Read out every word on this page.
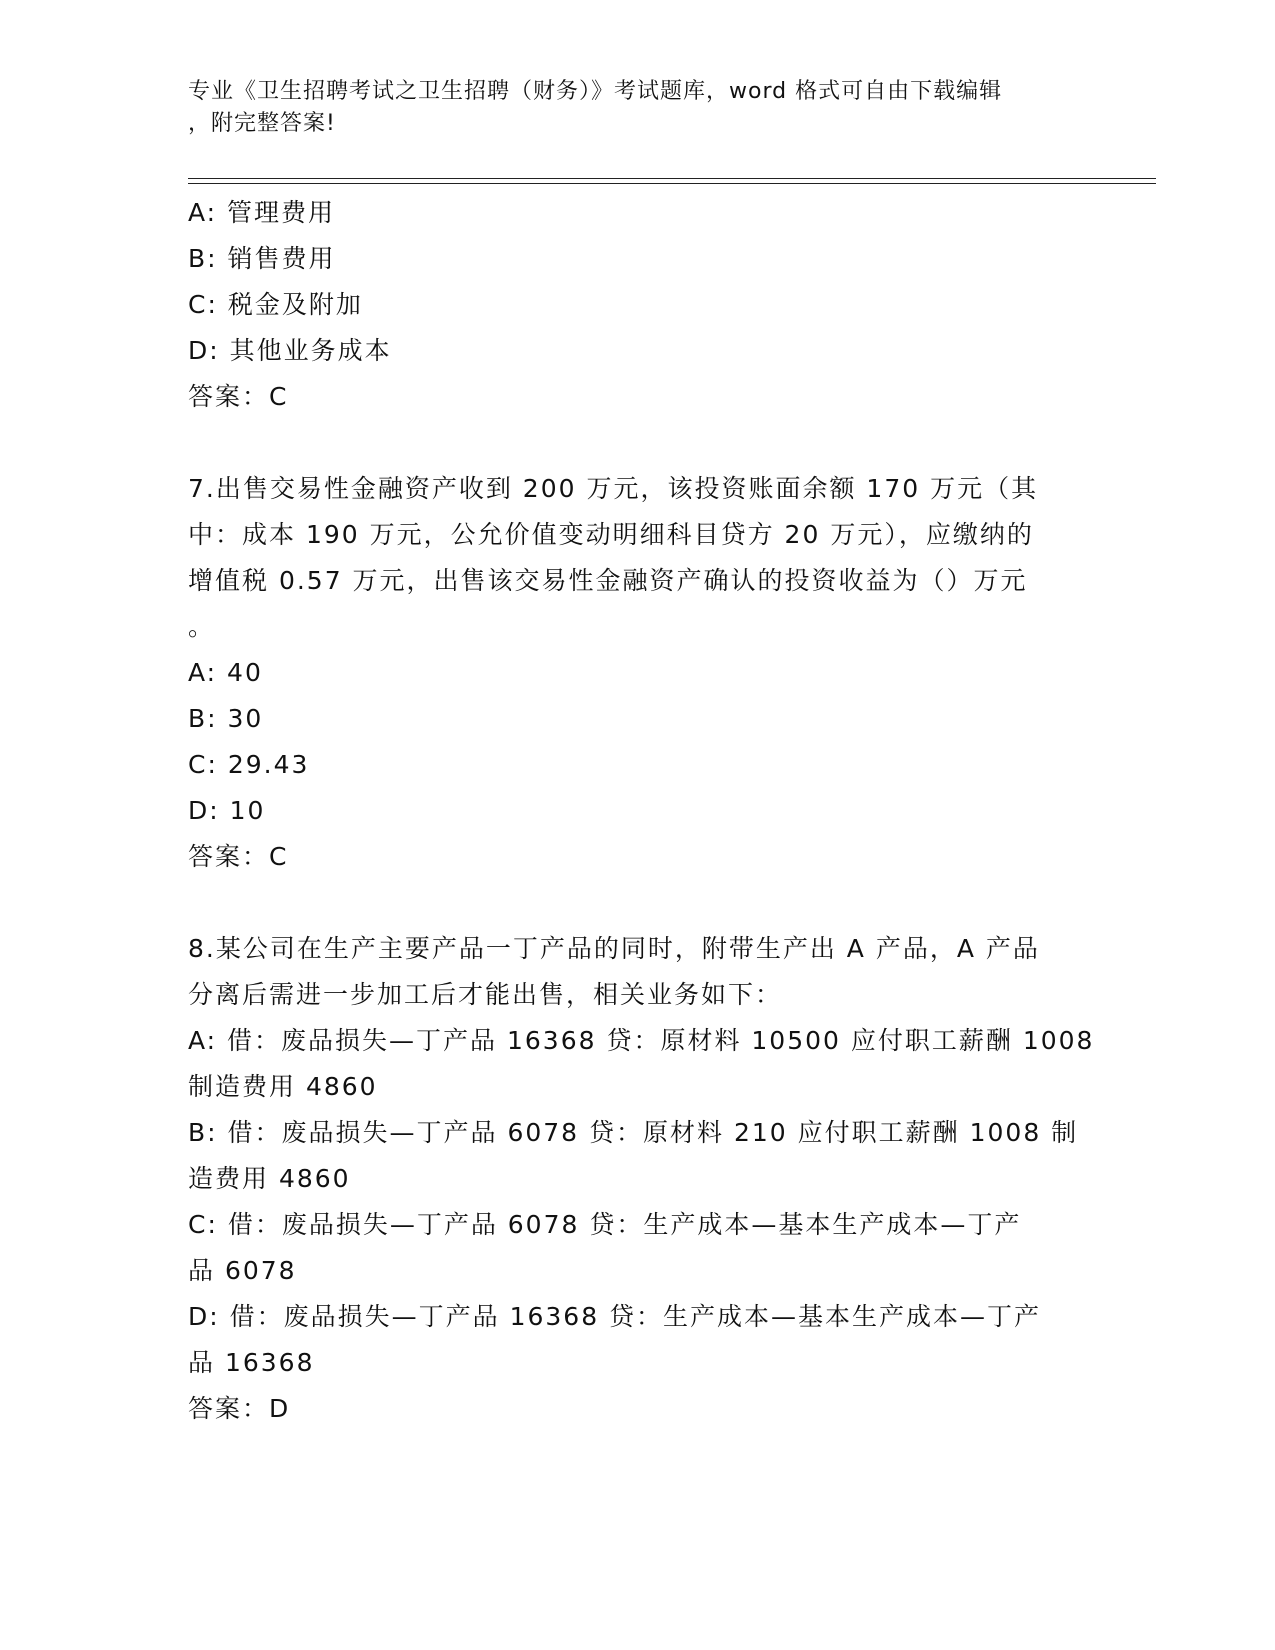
专业《卫生招聘考试之卫生招聘（财务）》考试题库，word 格式可自由下载编辑
，附完整答案!
A: 管理费用
B: 销售费用
C: 税金及附加
D: 其他业务成本
答案：C
7.出售交易性金融资产收到 200 万元，该投资账面余额 170 万元（其
中：成本 190 万元，公允价值变动明细科目贷方 20 万元），应缴纳的
增值税 0.57 万元，出售该交易性金融资产确认的投资收益为（）万元
。
A: 40
B: 30
C: 29.43
D: 10
答案：C
8.某公司在生产主要产品一丁产品的同时，附带生产出 A 产品，A 产品
分离后需进一步加工后才能出售，相关业务如下：
A: 借：废品损失—丁产品 16368 贷：原材料 10500 应付职工薪酬 1008
制造费用 4860
B: 借：废品损失—丁产品 6078 贷：原材料 210 应付职工薪酬 1008 制
造费用 4860
C: 借：废品损失—丁产品 6078 贷：生产成本—基本生产成本—丁产
品 6078
D: 借：废品损失—丁产品 16368 贷：生产成本—基本生产成本—丁产
品 16368
答案：D
